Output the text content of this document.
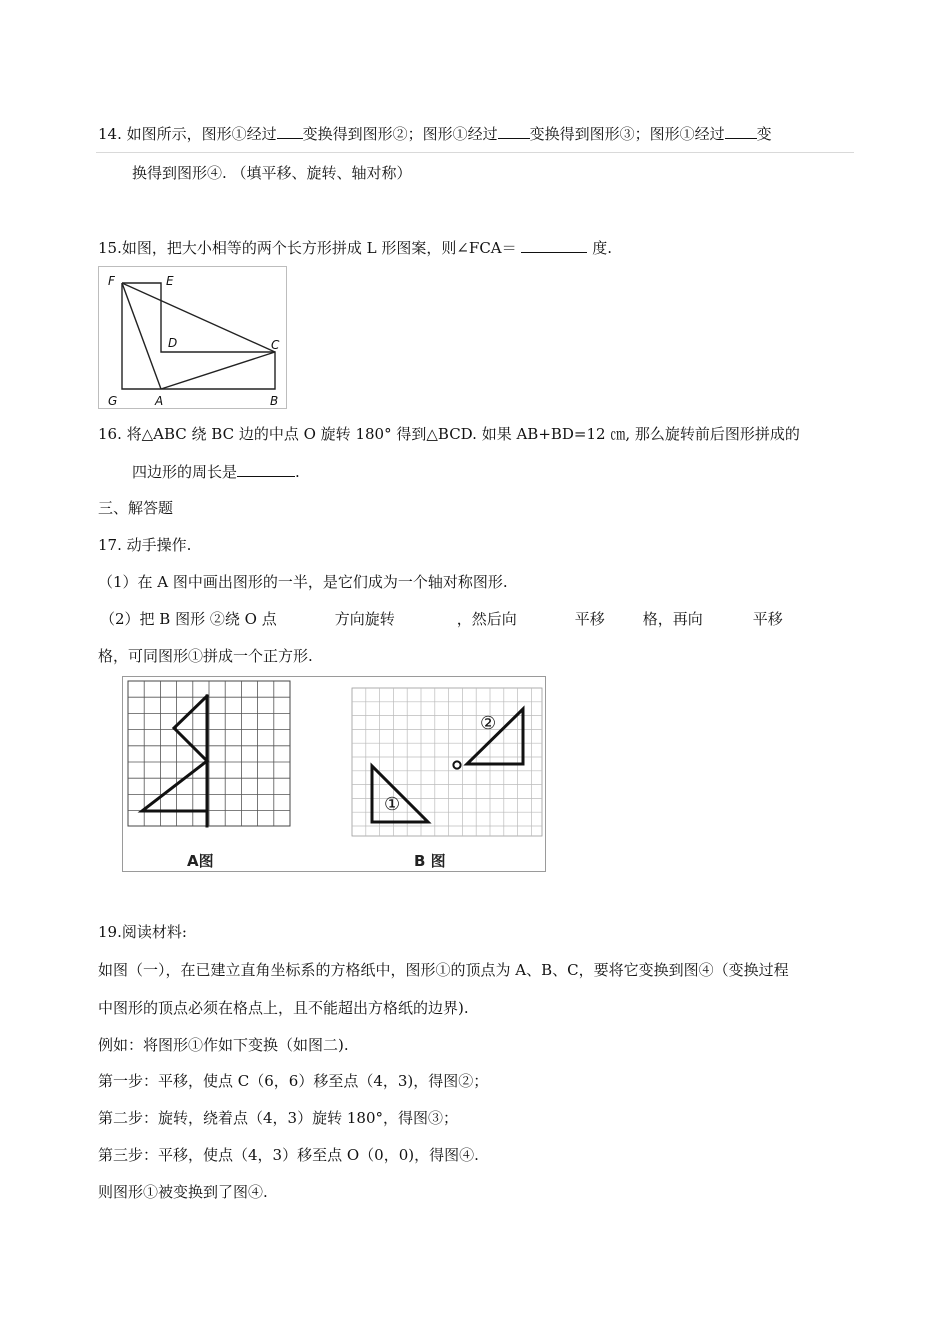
14. 如图所示，图形①经过 变换得到图形②；图形①经过 变换得到图形③；图形①经过 变
换得到图形④. （填平移、旋转、轴对称）
15.如图，把大小相等的两个长方形拼成 L 形图案，则∠FCA＝	度.
F	E
D	C
G	A	B
16. 将△ABC 绕 BC 边的中点 O 旋转 180° 得到△BCD. 如果 AB+BD=12 ㎝, 那么旋转前后图形拼成的
四边形的周长是	.
三、解答题
17. 动手操作.
（1）在 A 图中画出图形的一半，是它们成为一个轴对称图形.
（2）把 B 图形 ②绕 O 点	方向旋转	，然后向	平移	格，再向	平移
格，可同图形①拼成一个正方形.
①
②
A图	B 图
19.阅读材料:
如图（一），在已建立直角坐标系的方格纸中，图形①的顶点为 A、B、C，要将它变换到图④（变换过程
中图形的顶点必须在格点上，且不能超出方格纸的边界).
例如：将图形①作如下变换（如图二).
第一步：平移，使点 C（6，6）移至点（4，3)，得图②；
第二步：旋转，绕着点（4，3）旋转 180°，得图③；
第三步：平移，使点（4，3）移至点 O（0，0)，得图④.
则图形①被变换到了图④.
